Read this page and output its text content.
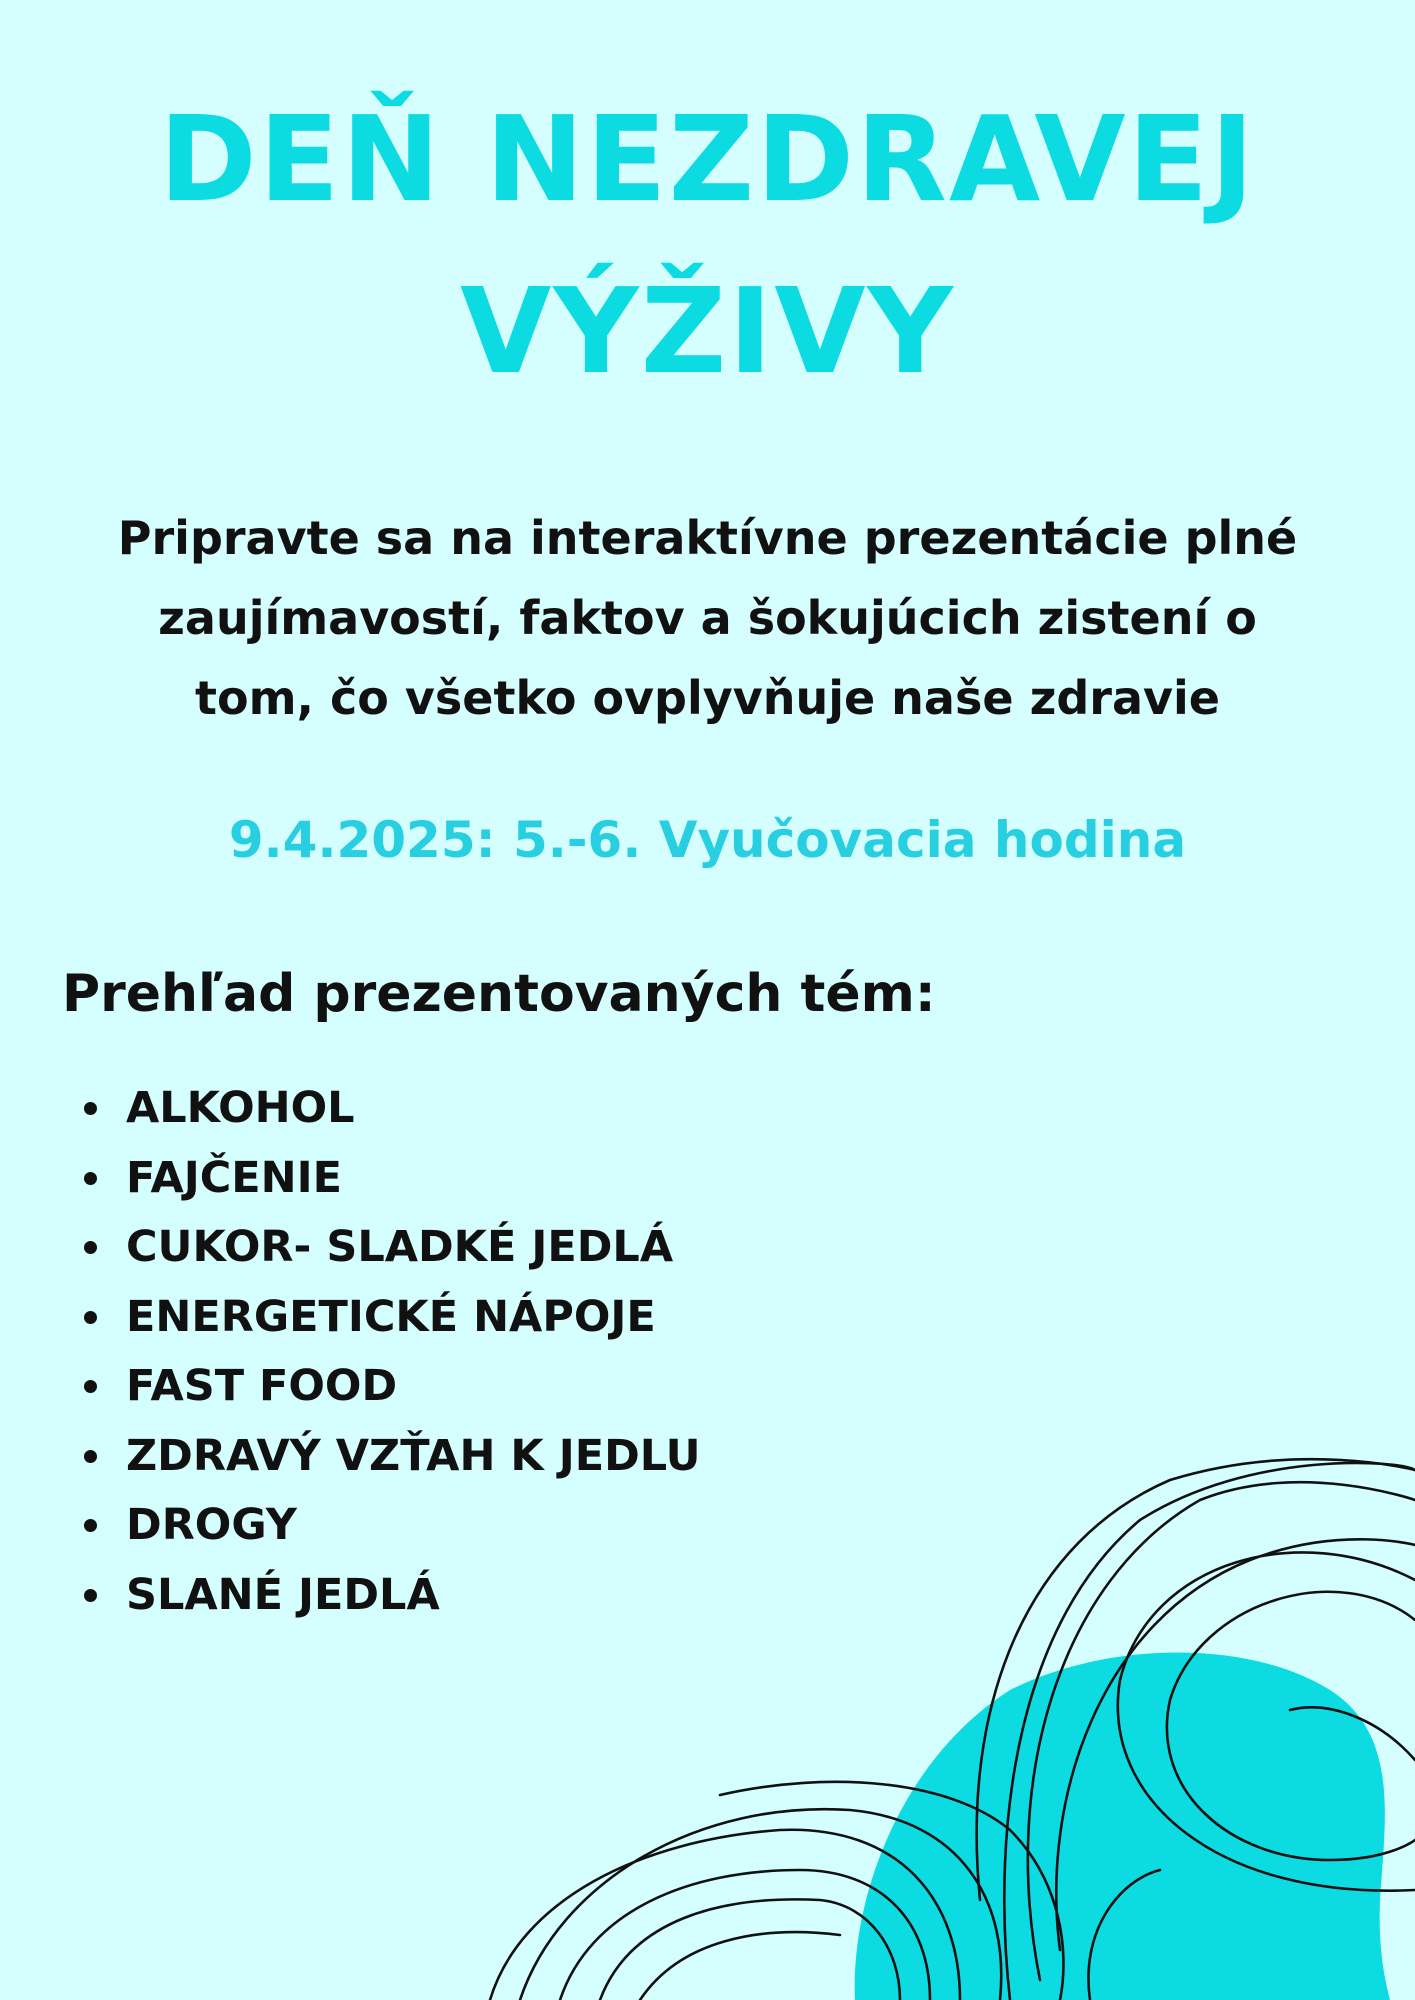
DEŇ NEZDRAVEJ
VÝŽIVY

Pripravte sa na interaktívne prezentácie plné
zaujímavostí, faktov a šokujúcich zistení o
tom, čo všetko ovplyvňuje naše zdravie

9.4.2025: 5.-6. Vyučovacia hodina

Prehľad prezentovaných tém:
ALKOHOL
FAJČENIE
CUKOR- SLADKÉ JEDLÁ
ENERGETICKÉ NÁPOJE
FAST FOOD
ZDRAVÝ VZŤAH K JEDLU
DROGY
SLANÉ JEDLÁ
